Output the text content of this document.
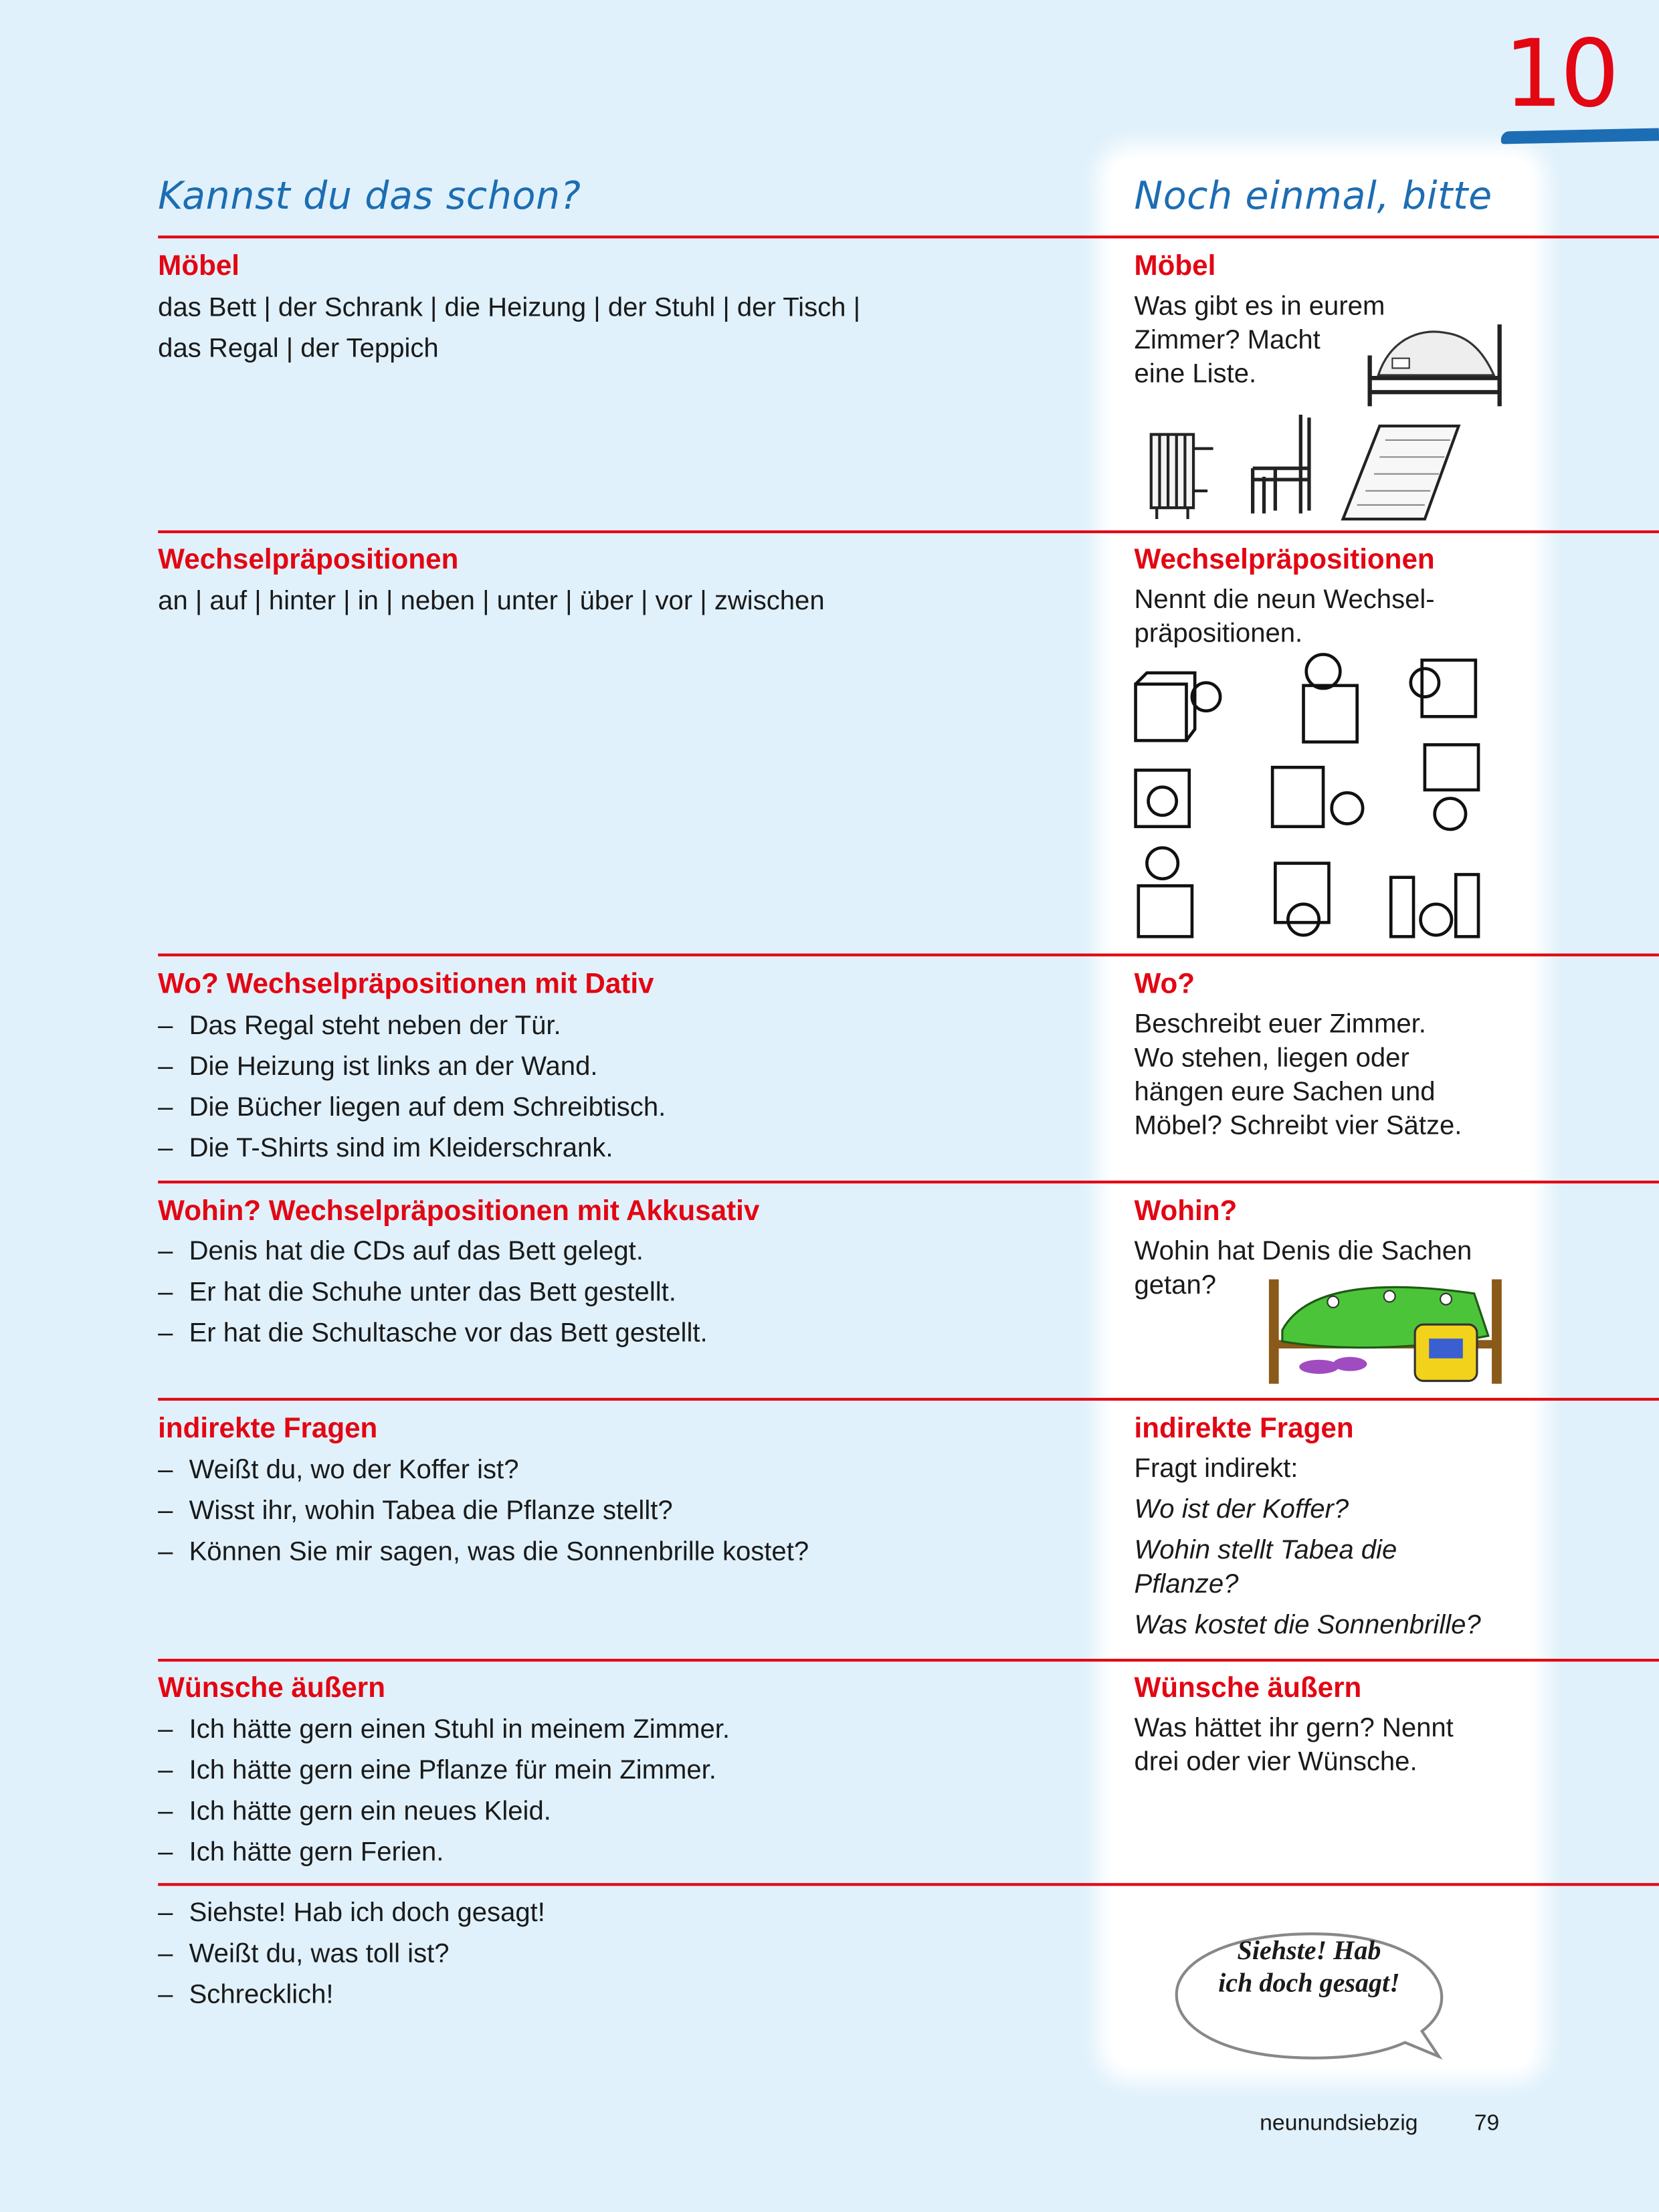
10
Kannst du das schon?	Noch einmal, bitte
Möbel
das Bett | der Schrank | die Heizung | der Stuhl | der Tisch |
das Regal | der Teppich
Möbel
Was gibt es in eurem
Zimmer? Macht
eine Liste.
Wechselpräpositionen
an | auf | hinter | in | neben | unter | über | vor | zwischen
Wechselpräpositionen
Nennt die neun Wechsel-
präpositionen.
Wo? Wechselpräpositionen mit Dativ
– Das Regal steht neben der Tür.
– Die Heizung ist links an der Wand.
– Die Bücher liegen auf dem Schreibtisch.
– Die T-Shirts sind im Kleiderschrank.
Wo?
Beschreibt euer Zimmer.
Wo stehen, liegen oder
hängen eure Sachen und
Möbel? Schreibt vier Sätze.
Wohin? Wechselpräpositionen mit Akkusativ
– Denis hat die CDs auf das Bett gelegt.
– Er hat die Schuhe unter das Bett gestellt.
– Er hat die Schultasche vor das Bett gestellt.
Wohin?
Wohin hat Denis die Sachen
getan?
indirekte Fragen
– Weißt du, wo der Koffer ist?
– Wisst ihr, wohin Tabea die Pflanze stellt?
– Können Sie mir sagen, was die Sonnenbrille kostet?
indirekte Fragen
Fragt indirekt:
Wo ist der Koffer?
Wohin stellt Tabea die
Pflanze?
Was kostet die Sonnenbrille?
Wünsche äußern
– Ich hätte gern einen Stuhl in meinem Zimmer.
– Ich hätte gern eine Pflanze für mein Zimmer.
– Ich hätte gern ein neues Kleid.
– Ich hätte gern Ferien.
Wünsche äußern
Was hättet ihr gern? Nennt
drei oder vier Wünsche.
– Siehste! Hab ich doch gesagt!
– Weißt du, was toll ist?
– Schrecklich!
Siehste! Hab
ich doch gesagt!
neunundsiebzig	79
